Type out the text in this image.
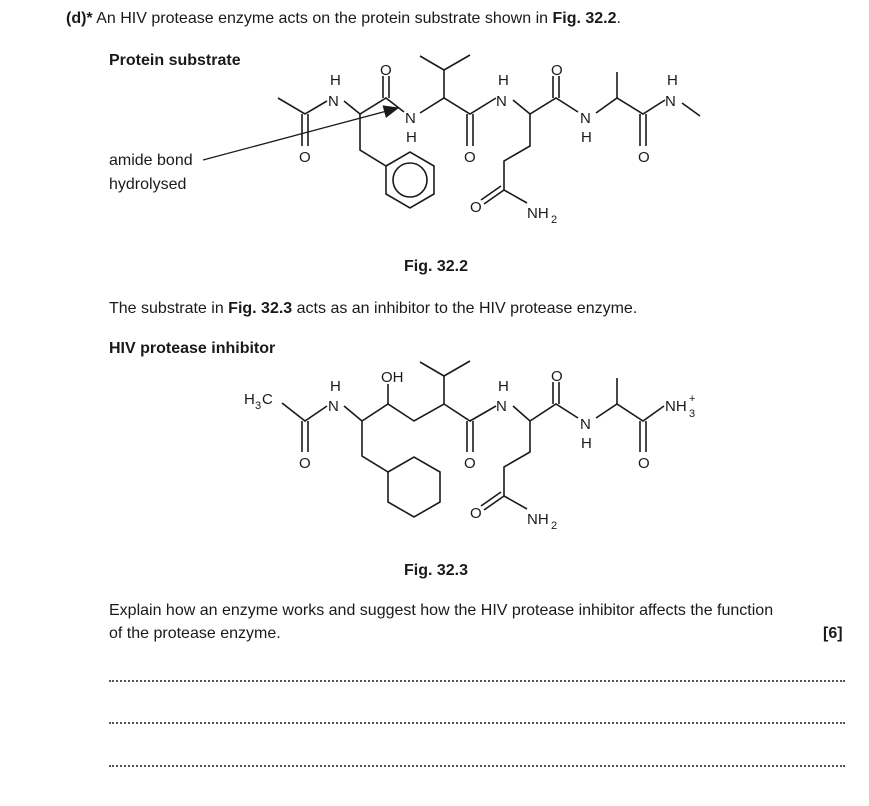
(d)* An HIV protease enzyme acts on the protein substrate shown in Fig. 32.2.
Protein substrate
amide bond
hydrolysed
Fig. 32.2
The substrate in Fig. 32.3 acts as an inhibitor to the HIV protease enzyme.
HIV protease inhibitor
Fig. 32.3
Explain how an enzyme works and suggest how the HIV protease inhibitor affects the function
of the protease enzyme.	[6]
H
N
O
O
N
H
O
H
N
O
N
H
O
H
N
O	NH 2
H 3 C
H
N
O
OH
O
H
N
O
N
H
O
NH 3
+
O	NH 2
